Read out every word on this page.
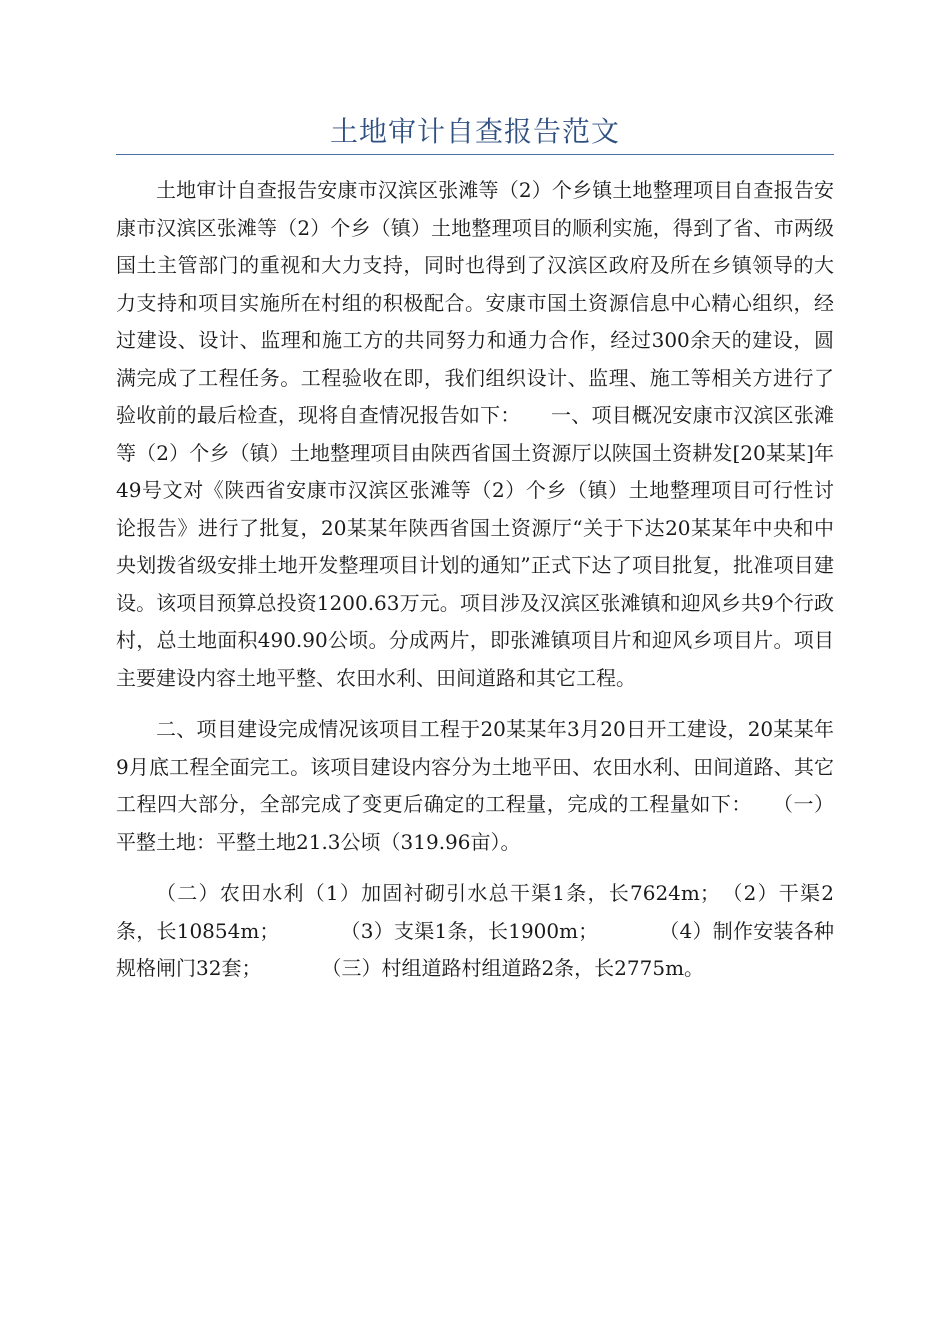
土地审计自查报告范文

土地审计自查报告安康市汉滨区张滩等（2）个乡镇土地整理项目自查报告安康市汉滨区张滩等（2）个乡（镇）土地整理项目的顺利实施，得到了省、市两级国土主管部门的重视和大力支持，同时也得到了汉滨区政府及所在乡镇领导的大力支持和项目实施所在村组的积极配合。安康市国土资源信息中心精心组织，经过建设、设计、监理和施工方的共同努力和通力合作，经过300余天的建设，圆满完成了工程任务。工程验收在即，我们组织设计、监理、施工等相关方进行了验收前的最后检查，现将自查情况报告如下：　　一、项目概况安康市汉滨区张滩等（2）个乡（镇）土地整理项目由陕西省国土资源厅以陕国土资耕发[20某某]年49号文对《陕西省安康市汉滨区张滩等（2）个乡（镇）土地整理项目可行性讨论报告》进行了批复，20某某年陕西省国土资源厅“关于下达20某某年中央和中央划拨省级安排土地开发整理项目计划的通知”正式下达了项目批复，批准项目建设。该项目预算总投资1200.63万元。项目涉及汉滨区张滩镇和迎风乡共9个行政村，总土地面积490.90公顷。分成两片，即张滩镇项目片和迎风乡项目片。项目主要建设内容土地平整、农田水利、田间道路和其它工程。

二、项目建设完成情况该项目工程于20某某年3月20日开工建设，20某某年9月底工程全面完工。该项目建设内容分为土地平田、农田水利、田间道路、其它工程四大部分，全部完成了变更后确定的工程量，完成的工程量如下：　　（一）平整土地：平整土地21.3公顷（319.96亩）。

（二）农田水利（1）加固衬砌引水总干渠1条，长7624m；　（2）干渠2条，长10854m；　　　　（3）支渠1条，长1900m；　　　　（4）制作安装各种规格闸门32套；　　　　（三）村组道路村组道路2条，长2775m。
